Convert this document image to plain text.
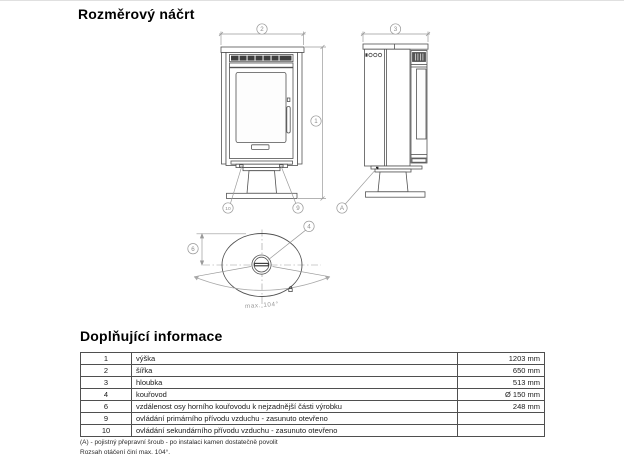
Rozměrový náčrt
max. 104°
2	3
1
10	9	A
4
6
Doplňující informace
1	výška	1203 mm
2	šířka	650 mm
3	hloubka	513 mm
4	kouřovod	Ø 150 mm
6	vzdálenost osy horního kouřovodu k nejzadnější části výrobku	248 mm
9	ovládání primárního přívodu vzduchu - zasunuto otevřeno	
10	ovládání sekundárního přívodu vzduchu - zasunuto otevřeno	
(A) - pojistný přepravní šroub - po instalaci kamen dostatečně povolit
Rozsah otáčení činí max. 104°.
